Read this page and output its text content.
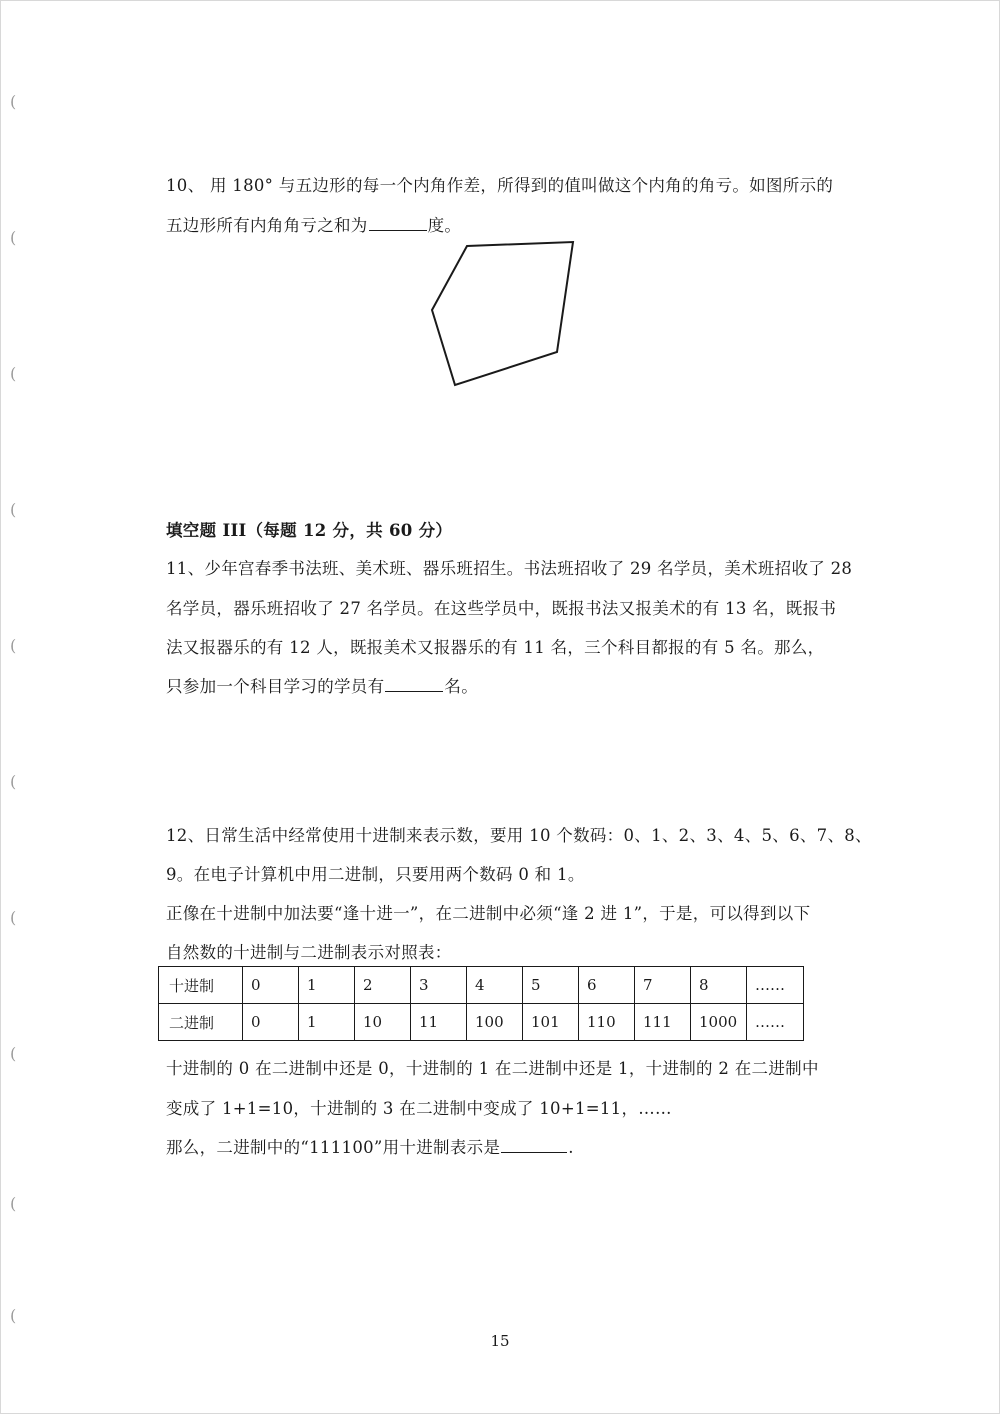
(
(
(
(
(
(
(
(
(
(
10、 用 180° 与五边形的每一个内角作差，所得到的值叫做这个内角的角亏。如图所示的
五边形所有内角角亏之和为	度。
填空题 III（每题 12 分，共 60 分）
11、少年宫春季书法班、美术班、器乐班招生。书法班招收了 29 名学员，美术班招收了 28
名学员，器乐班招收了 27 名学员。在这些学员中，既报书法又报美术的有 13 名，既报书
法又报器乐的有 12 人，既报美术又报器乐的有 11 名，三个科目都报的有 5 名。那么，
只参加一个科目学习的学员有	名。
12、日常生活中经常使用十进制来表示数，要用 10 个数码：0、1、2、3、4、5、6、7、8、
9。在电子计算机中用二进制，只要用两个数码 0 和 1。
正像在十进制中加法要“逢十进一”，在二进制中必须“逢 2 进 1”，于是，可以得到以下
自然数的十进制与二进制表示对照表：
十进制	0	1	2	3	4	5	6	7	8	……
二进制	0	1	10	11	100	101	110	111	1000	……
十进制的 0 在二进制中还是 0，十进制的 1 在二进制中还是 1，十进制的 2 在二进制中
变成了 1+1=10，十进制的 3 在二进制中变成了 10+1=11，……
那么，二进制中的“111100”用十进制表示是	.
15
